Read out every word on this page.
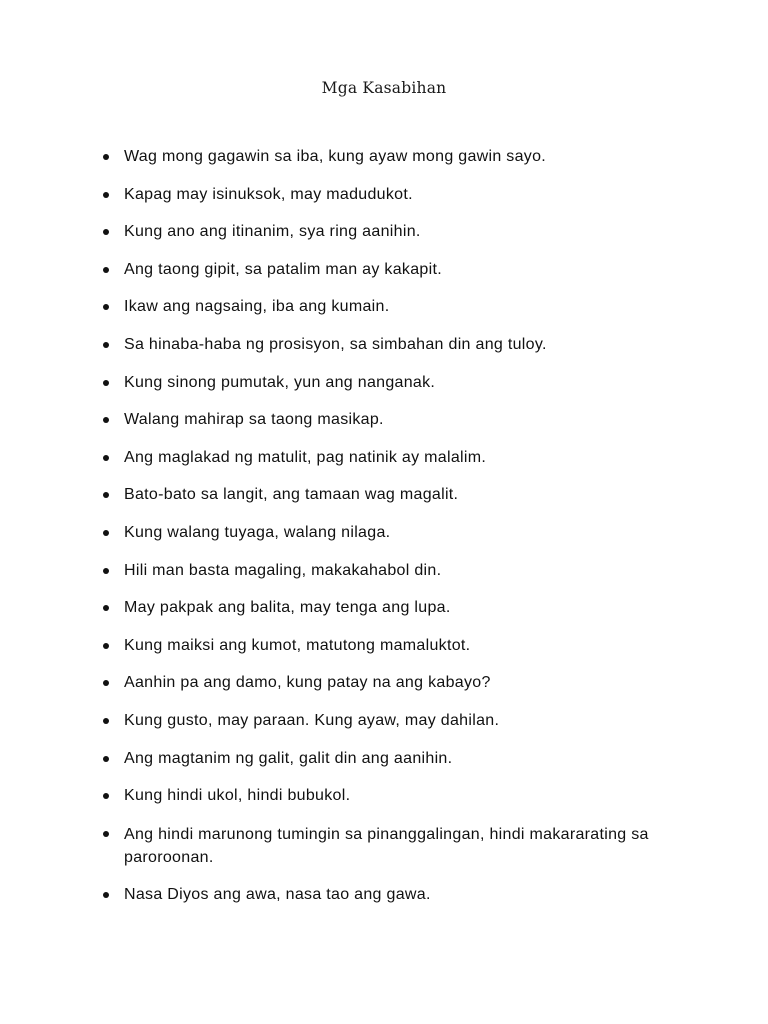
Mga Kasabihan
Wag mong gagawin sa iba, kung ayaw mong gawin sayo.
Kapag may isinuksok, may madudukot.
Kung ano ang itinanim, sya ring aanihin.
Ang taong gipit, sa patalim man ay kakapit.
Ikaw ang nagsaing, iba ang kumain.
Sa hinaba-haba ng prosisyon, sa simbahan din ang tuloy.
Kung sinong pumutak, yun ang nanganak.
Walang mahirap sa taong masikap.
Ang maglakad ng matulit, pag natinik ay malalim.
Bato-bato sa langit, ang tamaan wag magalit.
Kung walang tuyaga, walang nilaga.
Hili man basta magaling, makakahabol din.
May pakpak ang balita, may tenga ang lupa.
Kung maiksi ang kumot, matutong mamaluktot.
Aanhin pa ang damo, kung patay na ang kabayo?
Kung gusto, may paraan. Kung ayaw, may dahilan.
Ang magtanim ng galit, galit din ang aanihin.
Kung hindi ukol, hindi bubukol.
Ang hindi marunong tumingin sa pinanggalingan, hindi makararating sa paroroonan.
Nasa Diyos ang awa, nasa tao ang gawa.
